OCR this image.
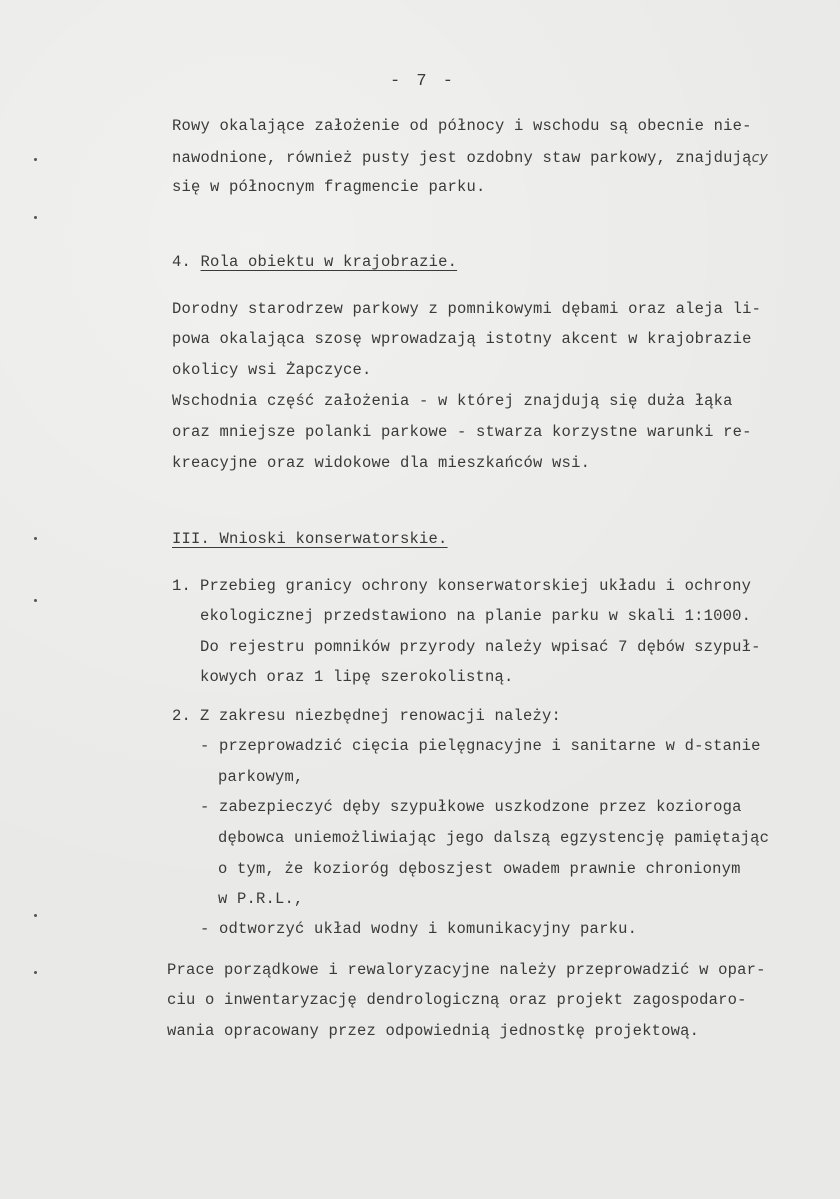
- 7 -
Rowy okalające założenie od północy i wschodu są obecnie nie-
nawodnione, również pusty jest ozdobny staw parkowy, znajdujący
się w północnym fragmencie parku.
4. Rola obiektu w krajobrazie.
Dorodny starodrzew parkowy z pomnikowymi dębami oraz aleja li-
powa okalająca szosę wprowadzają istotny akcent w krajobrazie
okolicy wsi Żapczyce.
Wschodnia część założenia - w której znajdują się duża łąka
oraz mniejsze polanki parkowe - stwarza korzystne warunki re-
kreacyjne oraz widokowe dla mieszkańców wsi.
III. Wnioski konserwatorskie.
1. Przebieg granicy ochrony konserwatorskiej układu i ochrony
ekologicznej przedstawiono na planie parku w skali 1:1000.
Do rejestru pomników przyrody należy wpisać 7 dębów szypuł-
kowych oraz 1 lipę szerokolistną.
2. Z zakresu niezbędnej renowacji należy:
- przeprowadzić cięcia pielęgnacyjne i sanitarne w d-stanie
parkowym,
- zabezpieczyć dęby szypułkowe uszkodzone przez kozioroga
dębowca uniemożliwiając jego dalszą egzystencję pamiętając
o tym, że kozioróg dęboszjest owadem prawnie chronionym
w P.R.L.,
- odtworzyć układ wodny i komunikacyjny parku.
Prace porządkowe i rewaloryzacyjne należy przeprowadzić w opar-
ciu o inwentaryzację dendrologiczną oraz projekt zagospodaro-
wania opracowany przez odpowiednią jednostkę projektową.
